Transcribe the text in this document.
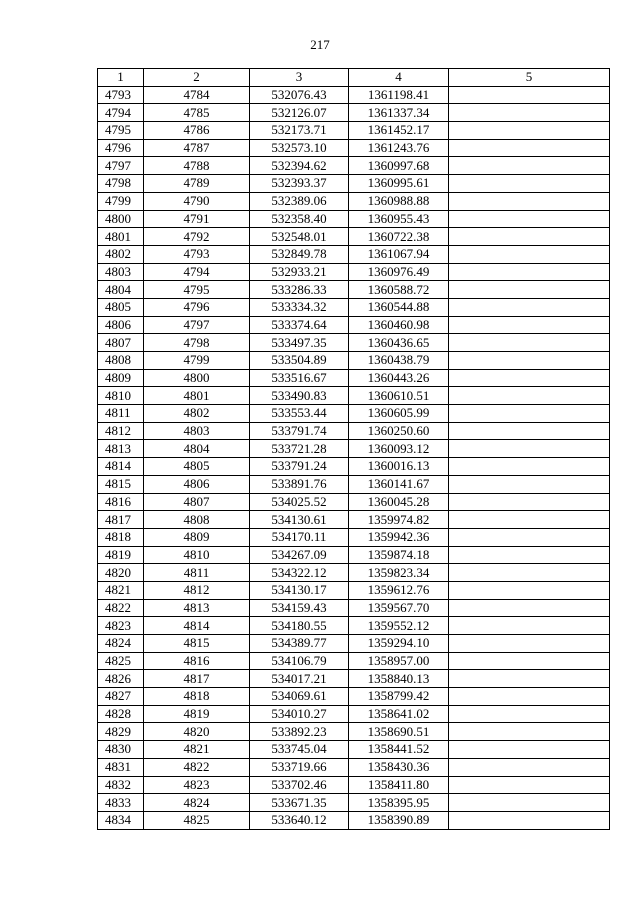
217
1	2	3	4	5
4793	4784	532076.43	1361198.41	
4794	4785	532126.07	1361337.34	
4795	4786	532173.71	1361452.17	
4796	4787	532573.10	1361243.76	
4797	4788	532394.62	1360997.68	
4798	4789	532393.37	1360995.61	
4799	4790	532389.06	1360988.88	
4800	4791	532358.40	1360955.43	
4801	4792	532548.01	1360722.38	
4802	4793	532849.78	1361067.94	
4803	4794	532933.21	1360976.49	
4804	4795	533286.33	1360588.72	
4805	4796	533334.32	1360544.88	
4806	4797	533374.64	1360460.98	
4807	4798	533497.35	1360436.65	
4808	4799	533504.89	1360438.79	
4809	4800	533516.67	1360443.26	
4810	4801	533490.83	1360610.51	
4811	4802	533553.44	1360605.99	
4812	4803	533791.74	1360250.60	
4813	4804	533721.28	1360093.12	
4814	4805	533791.24	1360016.13	
4815	4806	533891.76	1360141.67	
4816	4807	534025.52	1360045.28	
4817	4808	534130.61	1359974.82	
4818	4809	534170.11	1359942.36	
4819	4810	534267.09	1359874.18	
4820	4811	534322.12	1359823.34	
4821	4812	534130.17	1359612.76	
4822	4813	534159.43	1359567.70	
4823	4814	534180.55	1359552.12	
4824	4815	534389.77	1359294.10	
4825	4816	534106.79	1358957.00	
4826	4817	534017.21	1358840.13	
4827	4818	534069.61	1358799.42	
4828	4819	534010.27	1358641.02	
4829	4820	533892.23	1358690.51	
4830	4821	533745.04	1358441.52	
4831	4822	533719.66	1358430.36	
4832	4823	533702.46	1358411.80	
4833	4824	533671.35	1358395.95	
4834	4825	533640.12	1358390.89	
